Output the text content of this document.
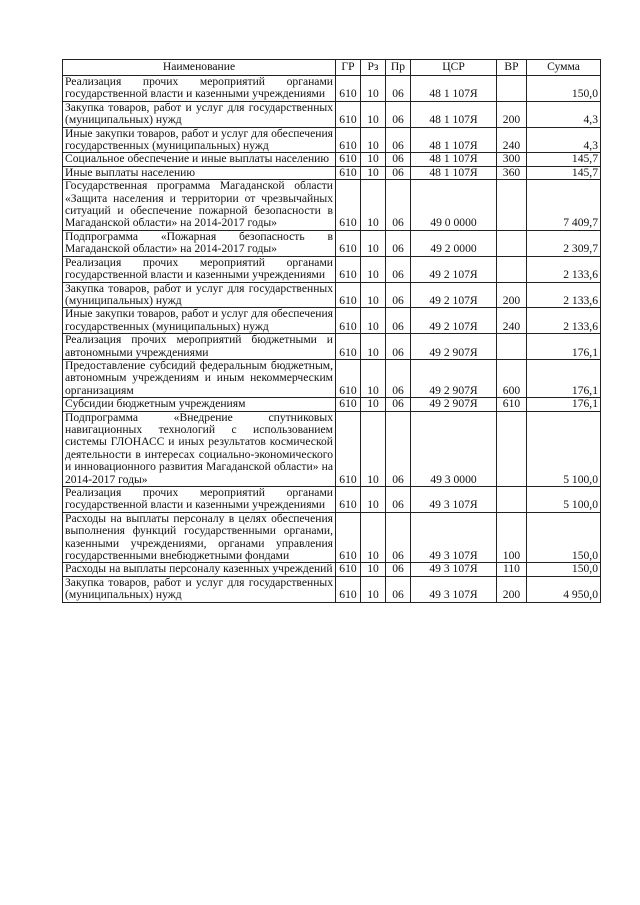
Наименование	ГР	Рз	Пр	ЦСР	ВР	Сумма
Реализация прочих мероприятий органами государственной власти и казенными учреждениями	610	10	06	48 1 107Я		150,0
Закупка товаров, работ и услуг для государственных (муниципальных) нужд	610	10	06	48 1 107Я	200	4,3
Иные закупки товаров, работ и услуг для обеспечения государственных (муниципальных) нужд	610	10	06	48 1 107Я	240	4,3
Социальное обеспечение и иные выплаты населению	610	10	06	48 1 107Я	300	145,7
Иные выплаты населению	610	10	06	48 1 107Я	360	145,7
Государственная программа Магаданской области «Защита населения и территории от чрезвычайных ситуаций и обеспечение пожарной безопасности в Магаданской области» на 2014-2017 годы»	610	10	06	49 0 0000		7 409,7
Подпрограмма «Пожарная безопасность в Магаданской области» на 2014-2017 годы»	610	10	06	49 2 0000		2 309,7
Реализация прочих мероприятий органами государственной власти и казенными учреждениями	610	10	06	49 2 107Я		2 133,6
Закупка товаров, работ и услуг для государственных (муниципальных) нужд	610	10	06	49 2 107Я	200	2 133,6
Иные закупки товаров, работ и услуг для обеспечения государственных (муниципальных) нужд	610	10	06	49 2 107Я	240	2 133,6
Реализация прочих мероприятий бюджетными и автономными учреждениями	610	10	06	49 2 907Я		176,1
Предоставление субсидий федеральным бюджетным, автономным учреждениям и иным некоммерческим организациям	610	10	06	49 2 907Я	600	176,1
Субсидии бюджетным учреждениям	610	10	06	49 2 907Я	610	176,1
Подпрограмма «Внедрение спутниковых навигационных технологий с использованием системы ГЛОНАСС и иных результатов космической деятельности в интересах социально-экономического и инновационного развития Магаданской области» на 2014-2017 годы»	610	10	06	49 3 0000		5 100,0
Реализация прочих мероприятий органами государственной власти и казенными учреждениями	610	10	06	49 3 107Я		5 100,0
Расходы на выплаты персоналу в целях обеспечения выполнения функций государственными органами, казенными учреждениями, органами управления государственными внебюджетными фондами	610	10	06	49 3 107Я	100	150,0
Расходы на выплаты персоналу казенных учреждений	610	10	06	49 3 107Я	110	150,0
Закупка товаров, работ и услуг для государственных (муниципальных) нужд	610	10	06	49 3 107Я	200	4 950,0
